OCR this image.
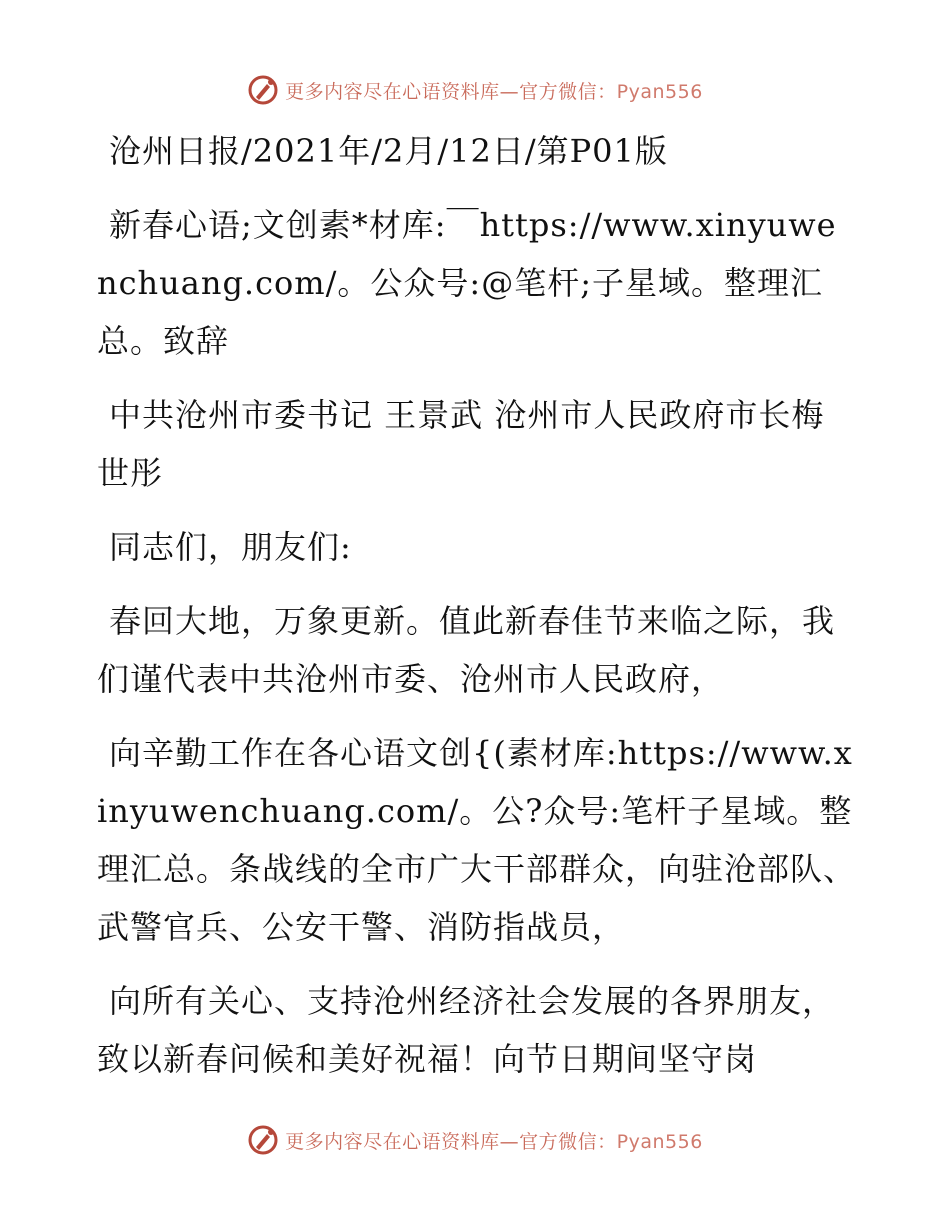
更多内容尽在心语资料库—官方微信：Pyan556

沧州日报/2021年/2月/12日/第P01版

新春心语;文创素*材库:￣https://www.xinyuwenchuang.com/。公众号:@笔杆;子星域。整理汇总。致辞

中共沧州市委书记 王景武 沧州市人民政府市长梅世彤

同志们，朋友们:

春回大地，万象更新。值此新春佳节来临之际，我们谨代表中共沧州市委、沧州市人民政府，

向辛勤工作在各心语文创{(素材库:https://www.xinyuwenchuang.com/。公?众号:笔杆子星域。整理汇总。条战线的全市广大干部群众，向驻沧部队、武警官兵、公安干警、消防指战员，

向所有关心、支持沧州经济社会发展的各界朋友，致以新春问候和美好祝福！向节日期间坚守岗

更多内容尽在心语资料库—官方微信：Pyan556
